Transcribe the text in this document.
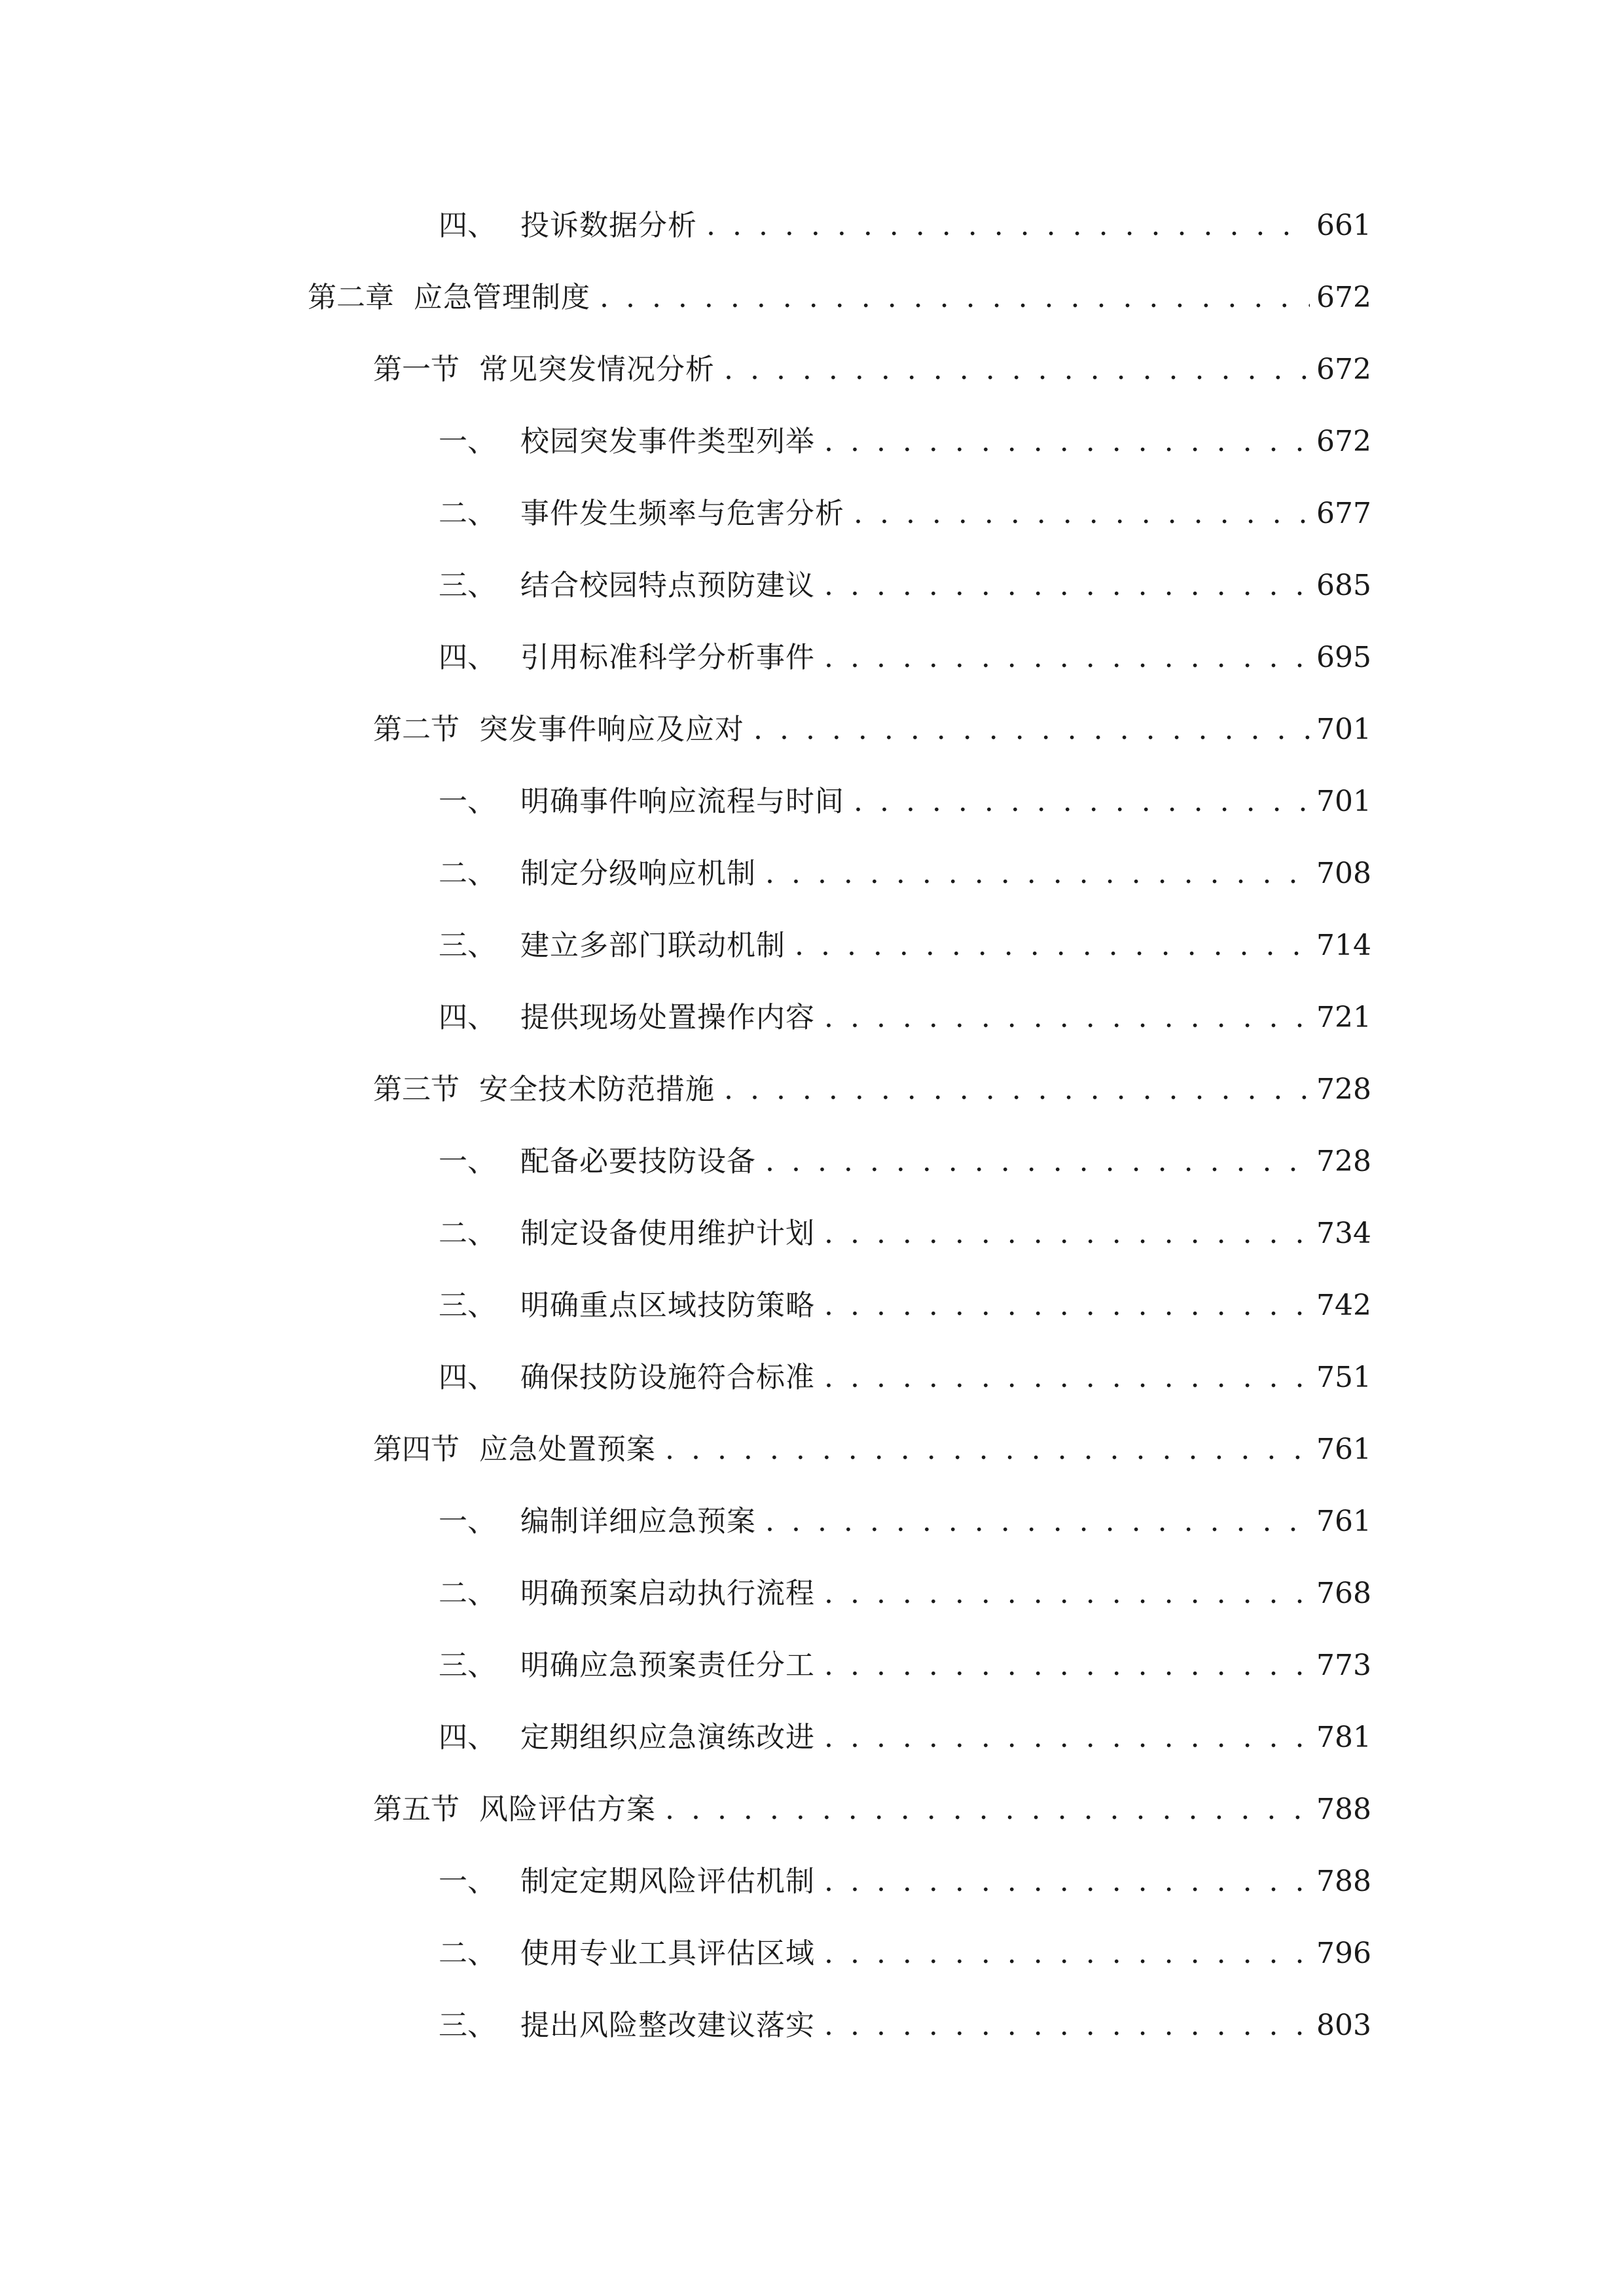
四、 投诉数据分析 . . .	661
第二章 应急管理制度 . . .	672
第一节 常见突发情况分析 . . .	672
一、 校园突发事件类型列举 . . .	672
二、 事件发生频率与危害分析 . . .	677
三、 结合校园特点预防建议 . . .	685
四、 引用标准科学分析事件 . . .	695
第二节 突发事件响应及应对 . . .	701
一、 明确事件响应流程与时间 . . .	701
二、 制定分级响应机制 . . .	708
三、 建立多部门联动机制 . . .	714
四、 提供现场处置操作内容 . . .	721
第三节 安全技术防范措施 . . .	728
一、 配备必要技防设备 . . .	728
二、 制定设备使用维护计划 . . .	734
三、 明确重点区域技防策略 . . .	742
四、 确保技防设施符合标准 . . .	751
第四节 应急处置预案 . . .	761
一、 编制详细应急预案 . . .	761
二、 明确预案启动执行流程 . . .	768
三、 明确应急预案责任分工 . . .	773
四、 定期组织应急演练改进 . . .	781
第五节 风险评估方案 . . .	788
一、 制定定期风险评估机制 . . .	788
二、 使用专业工具评估区域 . . .	796
三、 提出风险整改建议落实 . . .	803
